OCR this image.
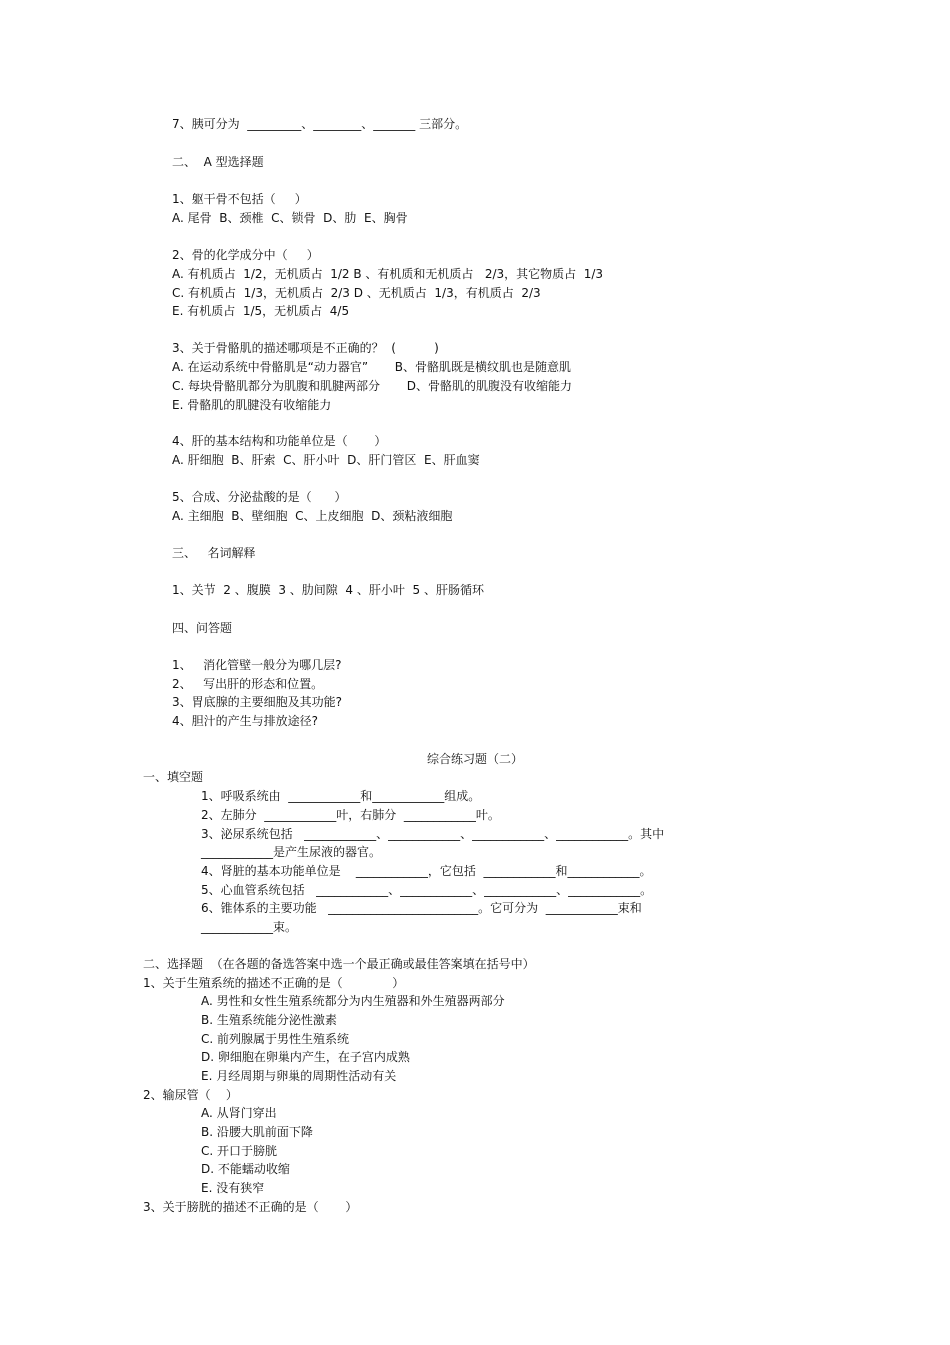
7、胰可分为  _________、________、_______ 三部分。
二、  A 型选择题
1、躯干骨不包括（     ）
A. 尾骨  B、颈椎  C、锁骨  D、肋  E、胸骨
2、骨的化学成分中（     ）
A. 有机质占  1/2，无机质占  1/2 B 、有机质和无机质占   2/3，其它物质占  1/3
C. 有机质占  1/3，无机质占  2/3 D 、无机质占  1/3，有机质占  2/3
E. 有机质占  1/5，无机质占  4/5
3、关于骨骼肌的描述哪项是不正确的？  (          )
A. 在运动系统中骨骼肌是“动力器官”       B、骨骼肌既是横纹肌也是随意肌
C. 每块骨骼肌都分为肌腹和肌腱两部分       D、骨骼肌的肌腹没有收缩能力
E. 骨骼肌的肌腱没有收缩能力
4、肝的基本结构和功能单位是（       ）
A. 肝细胞  B、肝索  C、肝小叶  D、肝门管区  E、肝血窦
5、合成、分泌盐酸的是（      ）
A. 主细胞  B、壁细胞  C、上皮细胞  D、颈粘液细胞
三、   名词解释
1、关节  2 、腹膜  3 、肋间隙  4 、肝小叶  5 、肝肠循环
四、问答题
1、   消化管壁一般分为哪几层?
2、   写出肝的形态和位置。
3、胃底腺的主要细胞及其功能?
4、胆汁的产生与排放途径?
综合练习题（二）
一、填空题
1、呼吸系统由  ____________和____________组成。
2、左肺分  ____________叶，右肺分  ____________叶。
3、泌尿系统包括   ____________、____________、____________、____________。其中
____________是产生尿液的器官。
4、肾脏的基本功能单位是    ____________，它包括  ____________和____________。
5、心血管系统包括   ____________、____________、____________、____________。
6、锥体系的主要功能   _________________________。它可分为  ____________束和
____________束。
二、选择题  （在各题的备选答案中选一个最正确或最佳答案填在括号中）
1、关于生殖系统的描述不正确的是（             ）
A. 男性和女性生殖系统都分为内生殖器和外生殖器两部分
B. 生殖系统能分泌性激素
C. 前列腺属于男性生殖系统
D. 卵细胞在卵巢内产生，在子宫内成熟
E. 月经周期与卵巢的周期性活动有关
2、输尿管（    ）
A. 从肾门穿出
B. 沿腰大肌前面下降
C. 开口于膀胱
D. 不能蠕动收缩
E. 没有狭窄
3、关于膀胱的描述不正确的是（       ）
